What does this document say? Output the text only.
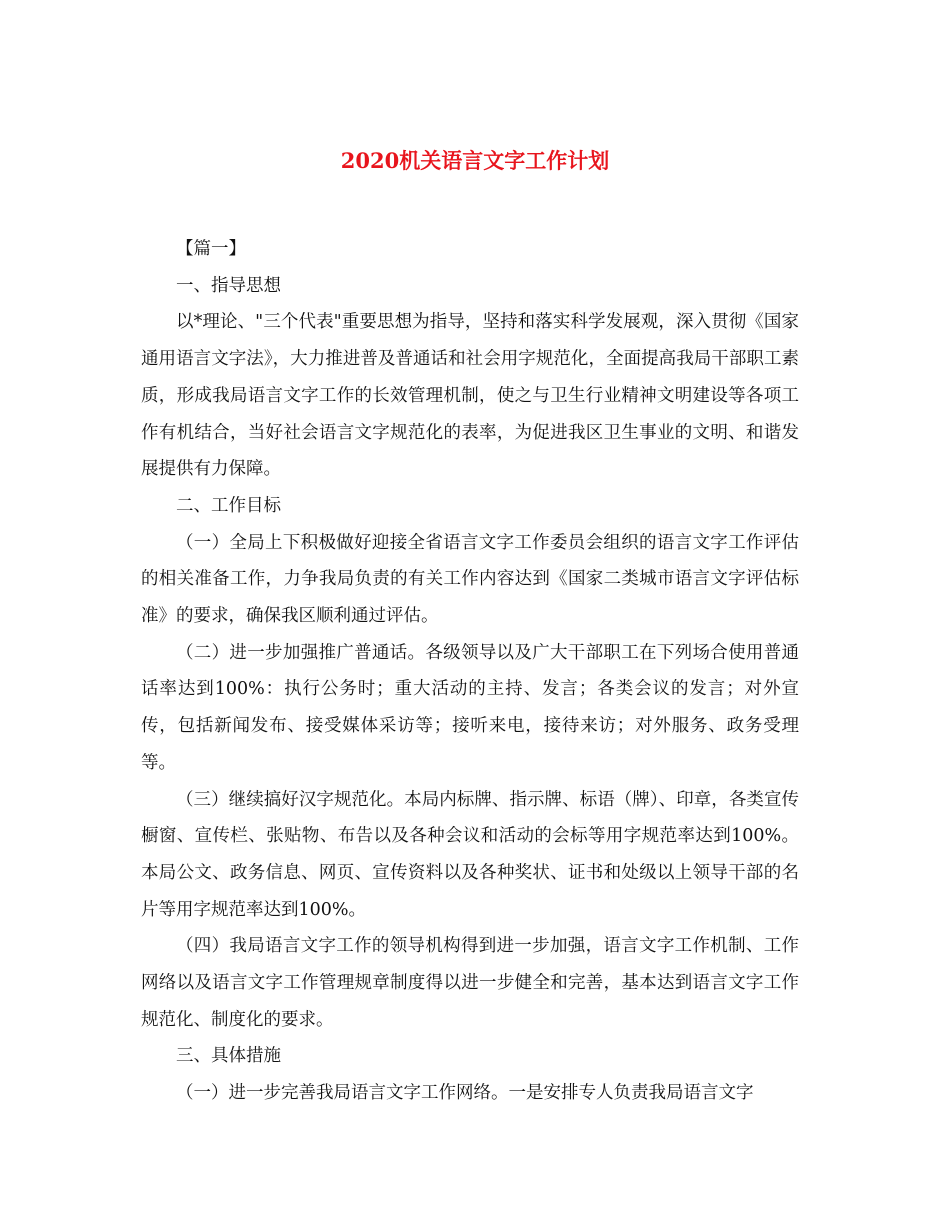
2020机关语言文字工作计划

【篇一】

一、指导思想

以*理论、"三个代表"重要思想为指导，坚持和落实科学发展观，深入贯彻《国家通用语言文字法》，大力推进普及普通话和社会用字规范化，全面提高我局干部职工素质，形成我局语言文字工作的长效管理机制，使之与卫生行业精神文明建设等各项工作有机结合，当好社会语言文字规范化的表率，为促进我区卫生事业的文明、和谐发展提供有力保障。

二、工作目标

（一）全局上下积极做好迎接全省语言文字工作委员会组织的语言文字工作评估的相关准备工作，力争我局负责的有关工作内容达到《国家二类城市语言文字评估标准》的要求，确保我区顺利通过评估。

（二）进一步加强推广普通话。各级领导以及广大干部职工在下列场合使用普通话率达到100%：执行公务时；重大活动的主持、发言；各类会议的发言；对外宣传，包括新闻发布、接受媒体采访等；接听来电，接待来访；对外服务、政务受理等。

（三）继续搞好汉字规范化。本局内标牌、指示牌、标语（牌）、印章，各类宣传橱窗、宣传栏、张贴物、布告以及各种会议和活动的会标等用字规范率达到100%。本局公文、政务信息、网页、宣传资料以及各种奖状、证书和处级以上领导干部的名片等用字规范率达到100%。

（四）我局语言文字工作的领导机构得到进一步加强，语言文字工作机制、工作网络以及语言文字工作管理规章制度得以进一步健全和完善，基本达到语言文字工作规范化、制度化的要求。

三、具体措施

（一）进一步完善我局语言文字工作网络。一是安排专人负责我局语言文字
